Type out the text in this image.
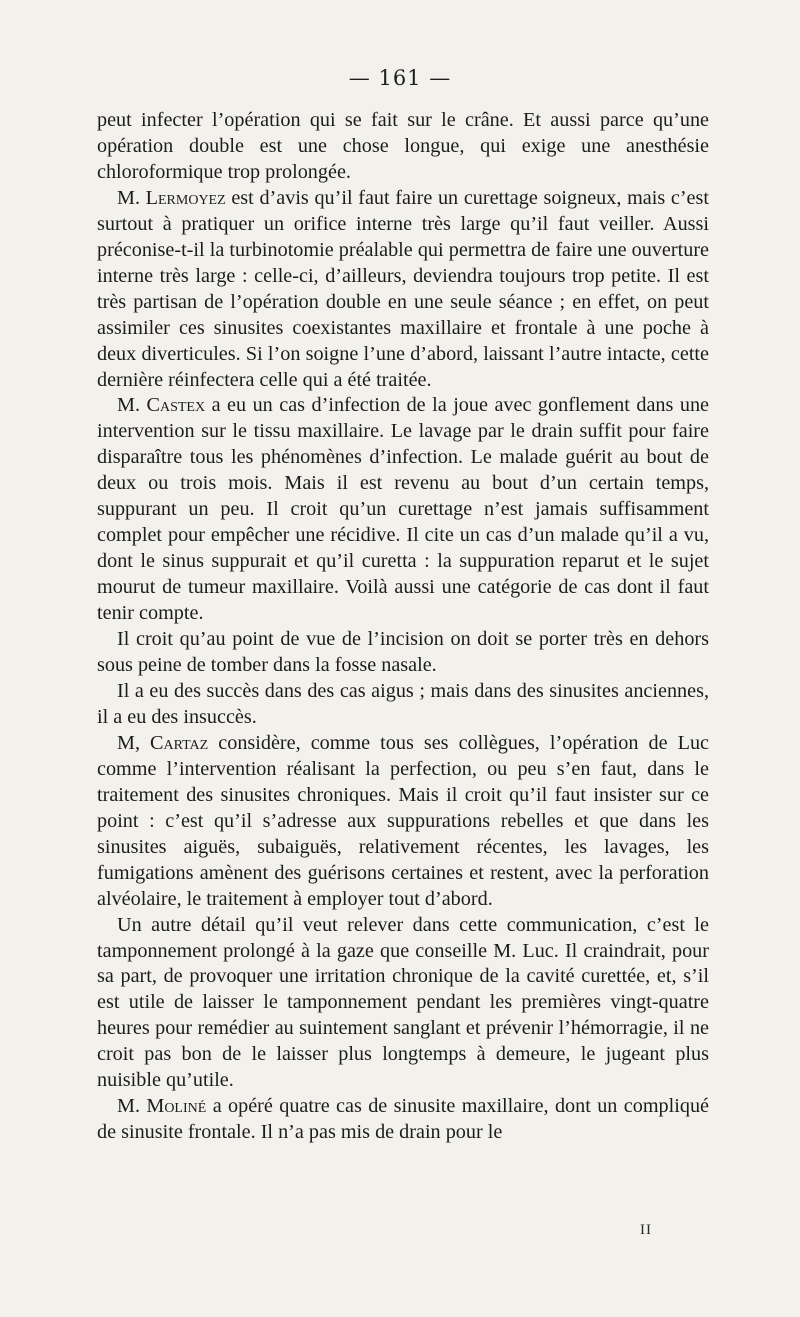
— 161 —

peut infecter l’opération qui se fait sur le crâne. Et aussi parce qu’une opération double est une chose longue, qui exige une anesthésie chloroformique trop prolongée.

M. Lermoyez est d’avis qu’il faut faire un curettage soigneux, mais c’est surtout à pratiquer un orifice interne très large qu’il faut veiller. Aussi préconise-t-il la turbinotomie préalable qui permettra de faire une ouverture interne très large : celle-ci, d’ailleurs, deviendra toujours trop petite. Il est très partisan de l’opération double en une seule séance ; en effet, on peut assimiler ces sinusites coexistantes maxillaire et frontale à une poche à deux diverticules. Si l’on soigne l’une d’abord, laissant l’autre intacte, cette dernière réinfectera celle qui a été traitée.

M. Castex a eu un cas d’infection de la joue avec gonflement dans une intervention sur le tissu maxillaire. Le lavage par le drain suffit pour faire disparaître tous les phénomènes d’infection. Le malade guérit au bout de deux ou trois mois. Mais il est revenu au bout d’un certain temps, suppurant un peu. Il croit qu’un curettage n’est jamais suffisamment complet pour empêcher une récidive. Il cite un cas d’un malade qu’il a vu, dont le sinus suppurait et qu’il curetta : la suppuration reparut et le sujet mourut de tumeur maxillaire. Voilà aussi une catégorie de cas dont il faut tenir compte.

Il croit qu’au point de vue de l’incision on doit se porter très en dehors sous peine de tomber dans la fosse nasale.

Il a eu des succès dans des cas aigus ; mais dans des sinusites anciennes, il a eu des insuccès.

M, Cartaz considère, comme tous ses collègues, l’opération de Luc comme l’intervention réalisant la perfection, ou peu s’en faut, dans le traitement des sinusites chroniques. Mais il croit qu’il faut insister sur ce point : c’est qu’il s’adresse aux suppurations rebelles et que dans les sinusites aiguës, subaiguës, relativement récentes, les lavages, les fumigations amènent des guérisons certaines et restent, avec la perforation alvéolaire, le traitement à employer tout d’abord.

Un autre détail qu’il veut relever dans cette communication, c’est le tamponnement prolongé à la gaze que conseille M. Luc. Il craindrait, pour sa part, de provoquer une irritation chronique de la cavité curettée, et, s’il est utile de laisser le tamponnement pendant les premières vingt-quatre heures pour remédier au suintement sanglant et prévenir l’hémorragie, il ne croit pas bon de le laisser plus longtemps à demeure, le jugeant plus nuisible qu’utile.

M. Moliné a opéré quatre cas de sinusite maxillaire, dont un compliqué de sinusite frontale. Il n’a pas mis de drain pour le

II
